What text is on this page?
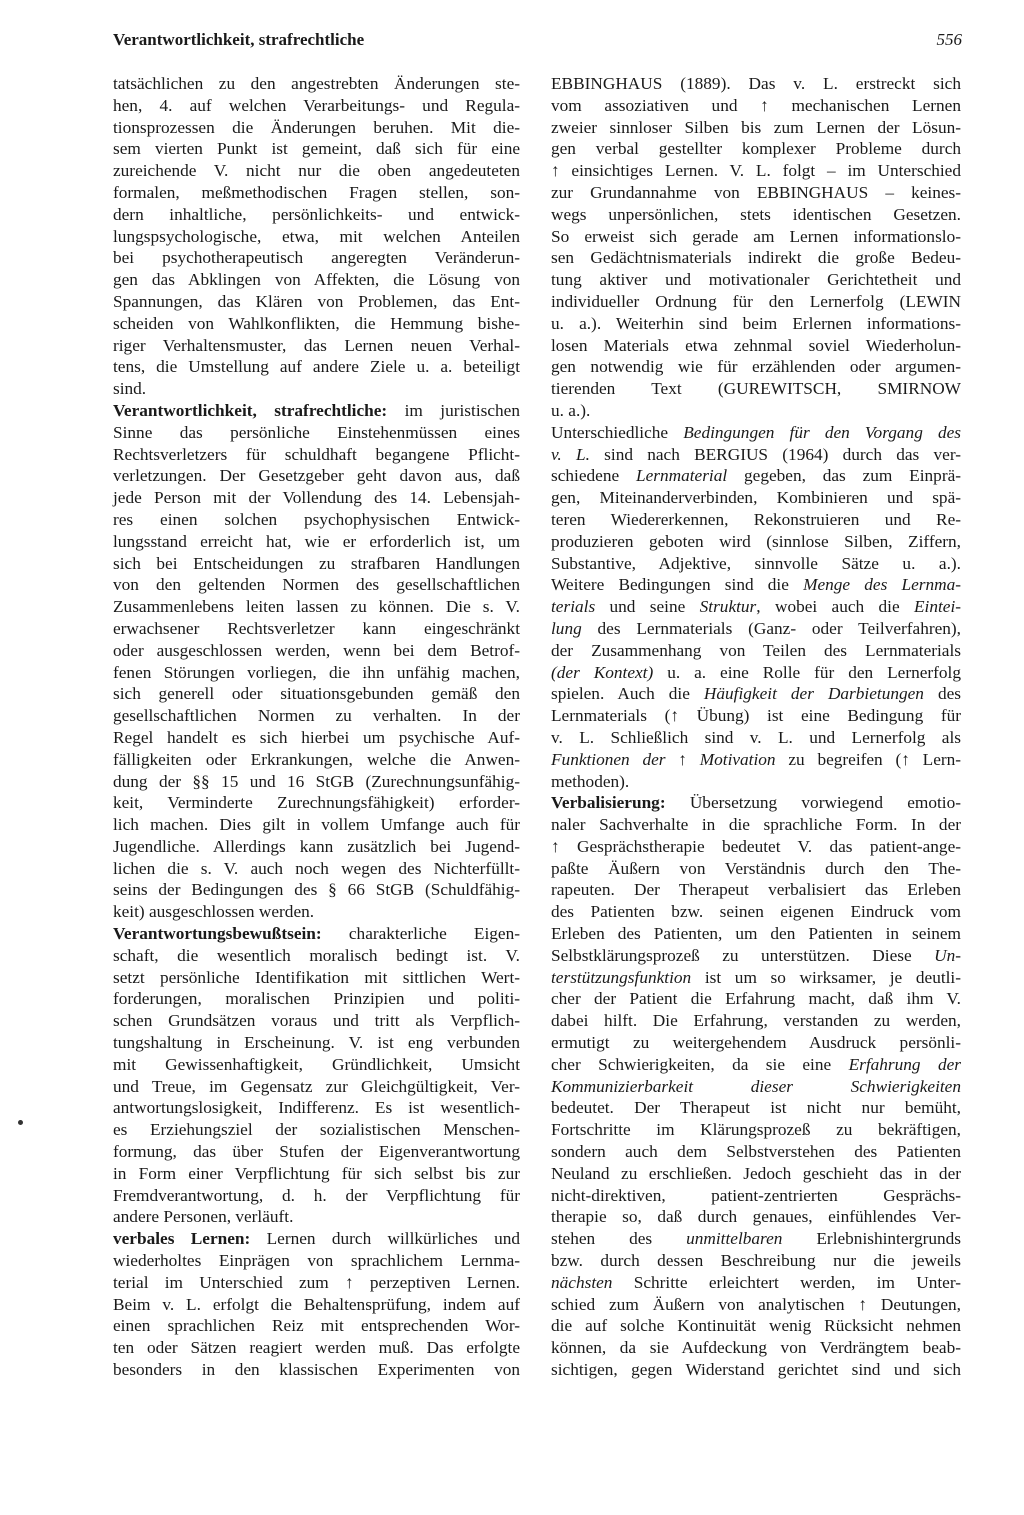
Verantwortlichkeit, strafrechtliche	556
tatsächlichen zu den angestrebten Änderungen ste-
hen, 4. auf welchen Verarbeitungs- und Regula-
tionsprozessen die Änderungen beruhen. Mit die-
sem vierten Punkt ist gemeint, daß sich für eine
zureichende V. nicht nur die oben angedeuteten
formalen, meßmethodischen Fragen stellen, son-
dern inhaltliche, persönlichkeits- und entwick-
lungspsychologische, etwa, mit welchen Anteilen
bei psychotherapeutisch angeregten Veränderun-
gen das Abklingen von Affekten, die Lösung von
Spannungen, das Klären von Problemen, das Ent-
scheiden von Wahlkonflikten, die Hemmung bishe-
riger Verhaltensmuster, das Lernen neuen Verhal-
tens, die Umstellung auf andere Ziele u. a. beteiligt
sind.
Verantwortlichkeit, strafrechtliche: im juristischen
Sinne das persönliche Einstehenmüssen eines
Rechtsverletzers für schuldhaft begangene Pflicht-
verletzungen. Der Gesetzgeber geht davon aus, daß
jede Person mit der Vollendung des 14. Lebensjah-
res einen solchen psychophysischen Entwick-
lungsstand erreicht hat, wie er erforderlich ist, um
sich bei Entscheidungen zu strafbaren Handlungen
von den geltenden Normen des gesellschaftlichen
Zusammenlebens leiten lassen zu können. Die s. V.
erwachsener Rechtsverletzer kann eingeschränkt
oder ausgeschlossen werden, wenn bei dem Betrof-
fenen Störungen vorliegen, die ihn unfähig machen,
sich generell oder situationsgebunden gemäß den
gesellschaftlichen Normen zu verhalten. In der
Regel handelt es sich hierbei um psychische Auf-
fälligkeiten oder Erkrankungen, welche die Anwen-
dung der §§ 15 und 16 StGB (Zurechnungsunfähig-
keit, Verminderte Zurechnungsfähigkeit) erforder-
lich machen. Dies gilt in vollem Umfange auch für
Jugendliche. Allerdings kann zusätzlich bei Jugend-
lichen die s. V. auch noch wegen des Nichterfüllt-
seins der Bedingungen des § 66 StGB (Schuldfähig-
keit) ausgeschlossen werden.
Verantwortungsbewußtsein: charakterliche Eigen-
schaft, die wesentlich moralisch bedingt ist. V.
setzt persönliche Identifikation mit sittlichen Wert-
forderungen, moralischen Prinzipien und politi-
schen Grundsätzen voraus und tritt als Verpflich-
tungshaltung in Erscheinung. V. ist eng verbunden
mit Gewissenhaftigkeit, Gründlichkeit, Umsicht
und Treue, im Gegensatz zur Gleichgültigkeit, Ver-
antwortungslosigkeit, Indifferenz. Es ist wesentlich-
es Erziehungsziel der sozialistischen Menschen-
formung, das über Stufen der Eigenverantwortung
in Form einer Verpflichtung für sich selbst bis zur
Fremdverantwortung, d. h. der Verpflichtung für
andere Personen, verläuft.
verbales Lernen: Lernen durch willkürliches und
wiederholtes Einprägen von sprachlichem Lernma-
terial im Unterschied zum ↑ perzeptiven Lernen.
Beim v. L. erfolgt die Behaltensprüfung, indem auf
einen sprachlichen Reiz mit entsprechenden Wor-
ten oder Sätzen reagiert werden muß. Das erfolgte
besonders in den klassischen Experimenten von
EBBINGHAUS (1889). Das v. L. erstreckt sich
vom assoziativen und ↑ mechanischen Lernen
zweier sinnloser Silben bis zum Lernen der Lösun-
gen verbal gestellter komplexer Probleme durch
↑ einsichtiges Lernen. V. L. folgt – im Unterschied
zur Grundannahme von EBBINGHAUS – keines-
wegs unpersönlichen, stets identischen Gesetzen.
So erweist sich gerade am Lernen informationslo-
sen Gedächtnismaterials indirekt die große Bedeu-
tung aktiver und motivationaler Gerichtetheit und
individueller Ordnung für den Lernerfolg (LEWIN
u. a.). Weiterhin sind beim Erlernen informations-
losen Materials etwa zehnmal soviel Wiederholun-
gen notwendig wie für erzählenden oder argumen-
tierenden Text (GUREWITSCH, SMIRNOW
u. a.).
Unterschiedliche Bedingungen für den Vorgang des
v. L. sind nach BERGIUS (1964) durch das ver-
schiedene Lernmaterial gegeben, das zum Einprä-
gen, Miteinanderverbinden, Kombinieren und spä-
teren Wiedererkennen, Rekonstruieren und Re-
produzieren geboten wird (sinnlose Silben, Ziffern,
Substantive, Adjektive, sinnvolle Sätze u. a.).
Weitere Bedingungen sind die Menge des Lernma-
terials und seine Struktur, wobei auch die Eintei-
lung des Lernmaterials (Ganz- oder Teilverfahren),
der Zusammenhang von Teilen des Lernmaterials
(der Kontext) u. a. eine Rolle für den Lernerfolg
spielen. Auch die Häufigkeit der Darbietungen des
Lernmaterials (↑ Übung) ist eine Bedingung für
v. L. Schließlich sind v. L. und Lernerfolg als
Funktionen der ↑ Motivation zu begreifen (↑ Lern-
methoden).
Verbalisierung: Übersetzung vorwiegend emotio-
naler Sachverhalte in die sprachliche Form. In der
↑ Gesprächstherapie bedeutet V. das patient-ange-
paßte Äußern von Verständnis durch den The-
rapeuten. Der Therapeut verbalisiert das Erleben
des Patienten bzw. seinen eigenen Eindruck vom
Erleben des Patienten, um den Patienten in seinem
Selbstklärungsprozeß zu unterstützen. Diese Un-
terstützungsfunktion ist um so wirksamer, je deutli-
cher der Patient die Erfahrung macht, daß ihm V.
dabei hilft. Die Erfahrung, verstanden zu werden,
ermutigt zu weitergehendem Ausdruck persönli-
cher Schwierigkeiten, da sie eine Erfahrung der
Kommunizierbarkeit dieser Schwierigkeiten
bedeutet. Der Therapeut ist nicht nur bemüht,
Fortschritte im Klärungsprozeß zu bekräftigen,
sondern auch dem Selbstverstehen des Patienten
Neuland zu erschließen. Jedoch geschieht das in der
nicht-direktiven, patient-zentrierten Gesprächs-
therapie so, daß durch genaues, einfühlendes Ver-
stehen des unmittelbaren Erlebnishintergrunds
bzw. durch dessen Beschreibung nur die jeweils
nächsten Schritte erleichtert werden, im Unter-
schied zum Äußern von analytischen ↑ Deutungen,
die auf solche Kontinuität wenig Rücksicht nehmen
können, da sie Aufdeckung von Verdrängtem beab-
sichtigen, gegen Widerstand gerichtet sind und sich
